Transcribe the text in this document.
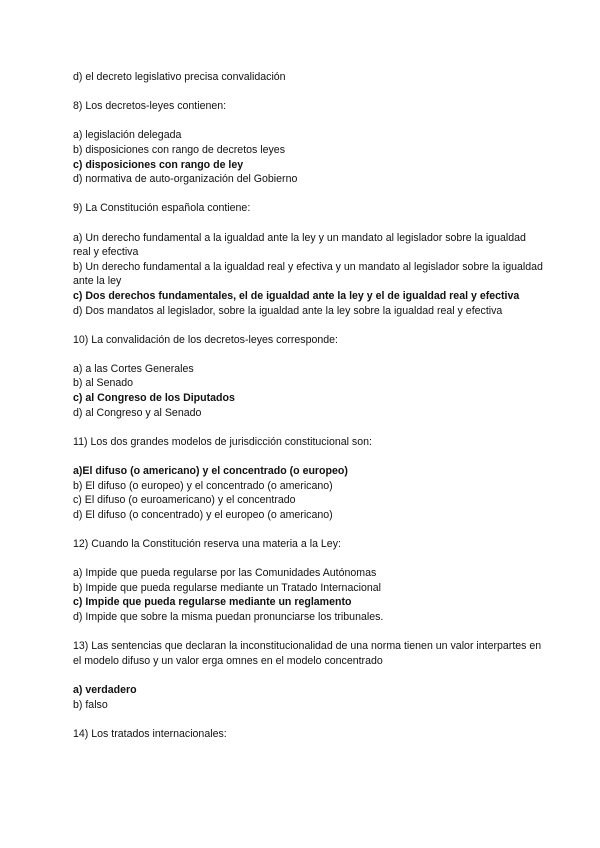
d) el decreto legislativo precisa convalidación
8) Los decretos-leyes contienen:
a) legislación delegada
b) disposiciones con rango de decretos leyes
c) disposiciones con rango de ley
d) normativa de auto-organización del Gobierno
9) La Constitución española contiene:
a) Un derecho fundamental a la igualdad ante la ley y un mandato al legislador sobre la igualdad real y efectiva
b) Un derecho fundamental a la igualdad real y efectiva y un mandato al legislador sobre la igualdad ante la ley
c) Dos derechos fundamentales, el de igualdad ante la ley y el de igualdad real y efectiva
d) Dos mandatos al legislador, sobre la igualdad ante la ley sobre la igualdad real y efectiva
10) La convalidación de los decretos-leyes corresponde:
a) a las Cortes Generales
b) al Senado
c) al Congreso de los Diputados
d) al Congreso y al Senado
11) Los dos grandes modelos de jurisdicción constitucional son:
a)El difuso (o americano) y el concentrado (o europeo)
b) El difuso (o europeo) y el concentrado (o americano)
c) El difuso (o euroamericano) y el concentrado
d) El difuso (o concentrado) y el europeo (o americano)
12) Cuando la Constitución reserva una materia a la Ley:
a) Impide que pueda regularse por las Comunidades Autónomas
b) Impide que pueda regularse mediante un Tratado Internacional
c) Impide que pueda regularse mediante un reglamento
d) Impide que sobre la misma puedan pronunciarse los tribunales.
13) Las sentencias que declaran la inconstitucionalidad de una norma tienen un valor interpartes en el modelo difuso y un valor erga omnes en el modelo concentrado
a) verdadero
b) falso
14) Los tratados internacionales:
